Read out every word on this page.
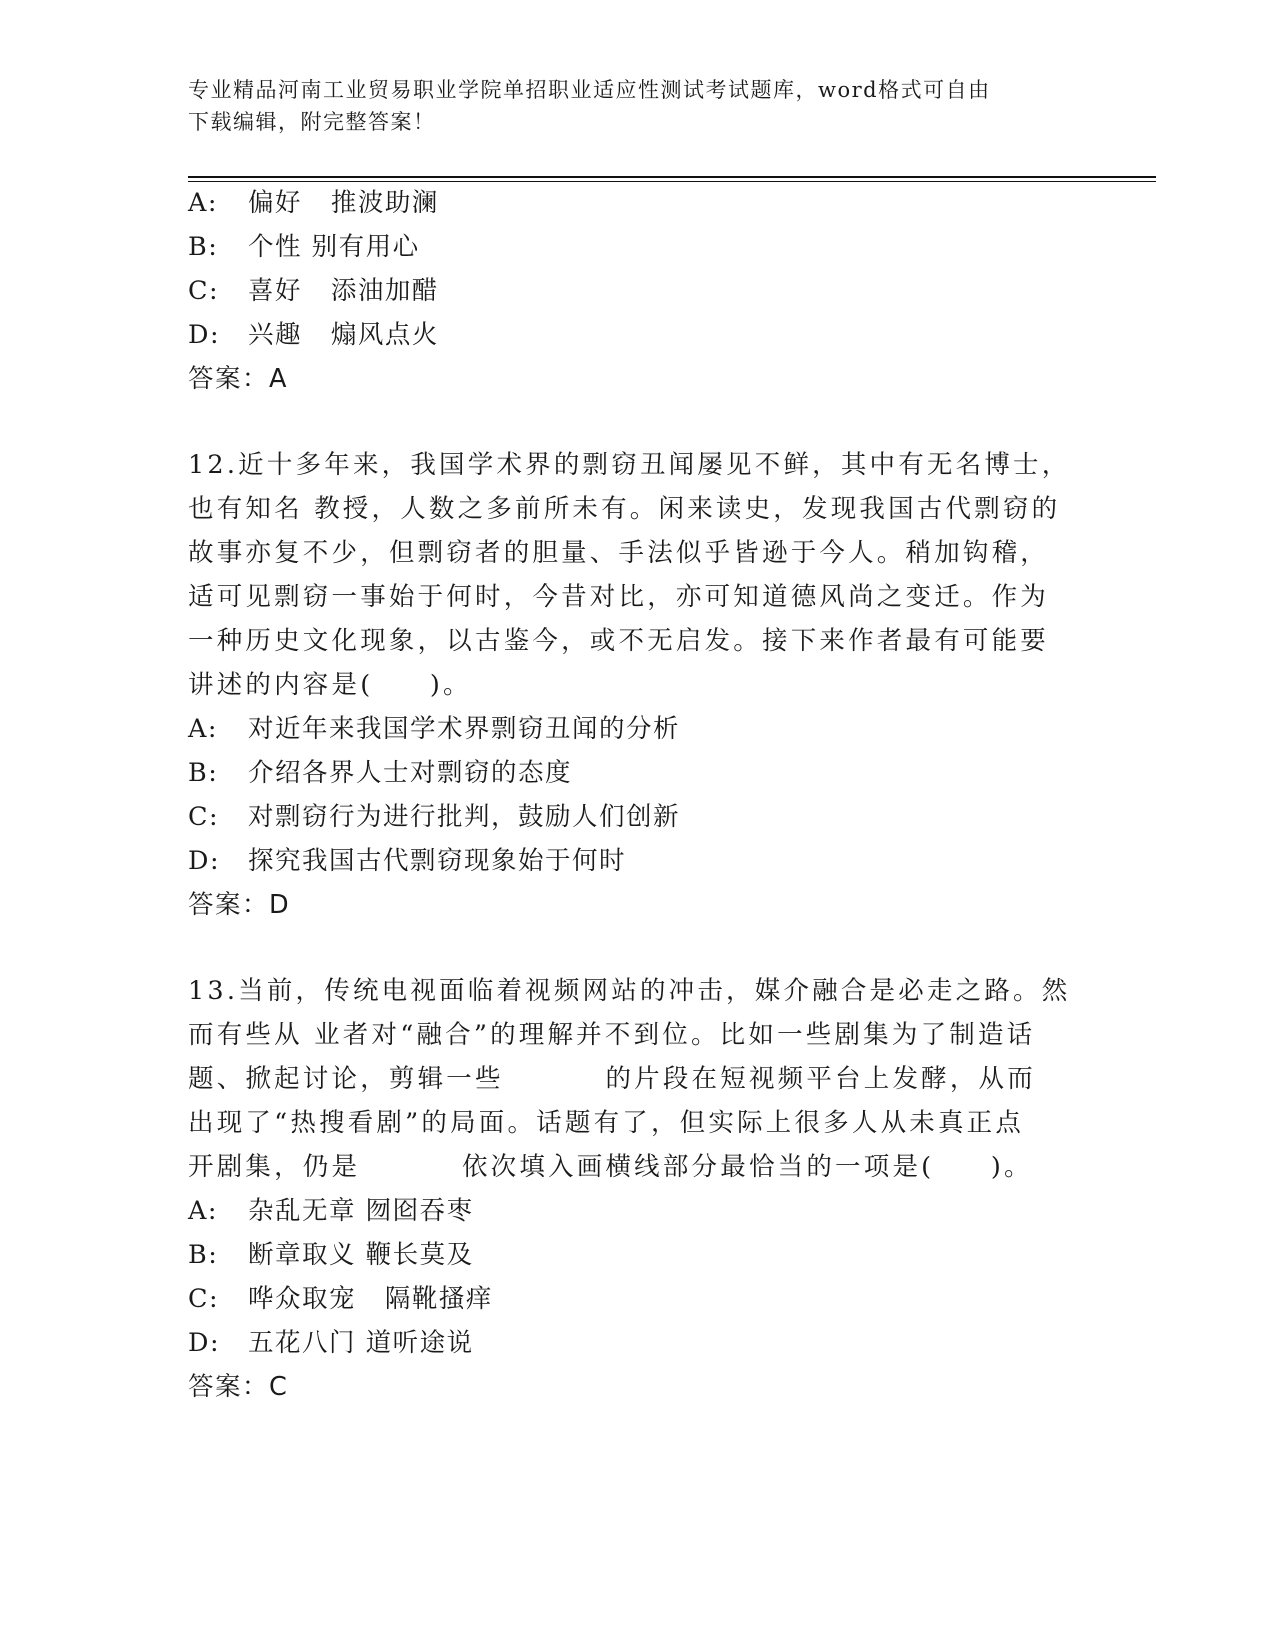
专业精品河南工业贸易职业学院单招职业适应性测试考试题库，word格式可自由
下载编辑，附完整答案！
A: 偏好   推波助澜
B: 个性 别有用心
C: 喜好   添油加醋
D: 兴趣   煽风点火
答案：A
12.近十多年来，我国学术界的剽窃丑闻屡见不鲜，其中有无名博士，
也有知名 教授，人数之多前所未有。闲来读史，发现我国古代剽窃的
故事亦复不少，但剽窃者的胆量、手法似乎皆逊于今人。稍加钩稽，
适可见剽窃一事始于何时，今昔对比，亦可知道德风尚之变迁。作为
一种历史文化现象，以古鉴今，或不无启发。接下来作者最有可能要
讲述的内容是(     )。
A: 对近年来我国学术界剽窃丑闻的分析
B: 介绍各界人士对剽窃的态度
C: 对剽窃行为进行批判，鼓励人们创新
D: 探究我国古代剽窃现象始于何时
答案：D
13.当前，传统电视面临着视频网站的冲击，媒介融合是必走之路。然
而有些从 业者对“融合”的理解并不到位。比如一些剧集为了制造话
题、掀起讨论，剪辑一些         的片段在短视频平台上发酵，从而
出现了“热搜看剧”的局面。话题有了，但实际上很多人从未真正点
开剧集，仍是         依次填入画横线部分最恰当的一项是(     )。
A: 杂乱无章 囫囵吞枣
B: 断章取义 鞭长莫及
C: 哗众取宠   隔靴搔痒
D: 五花八门 道听途说
答案：C
